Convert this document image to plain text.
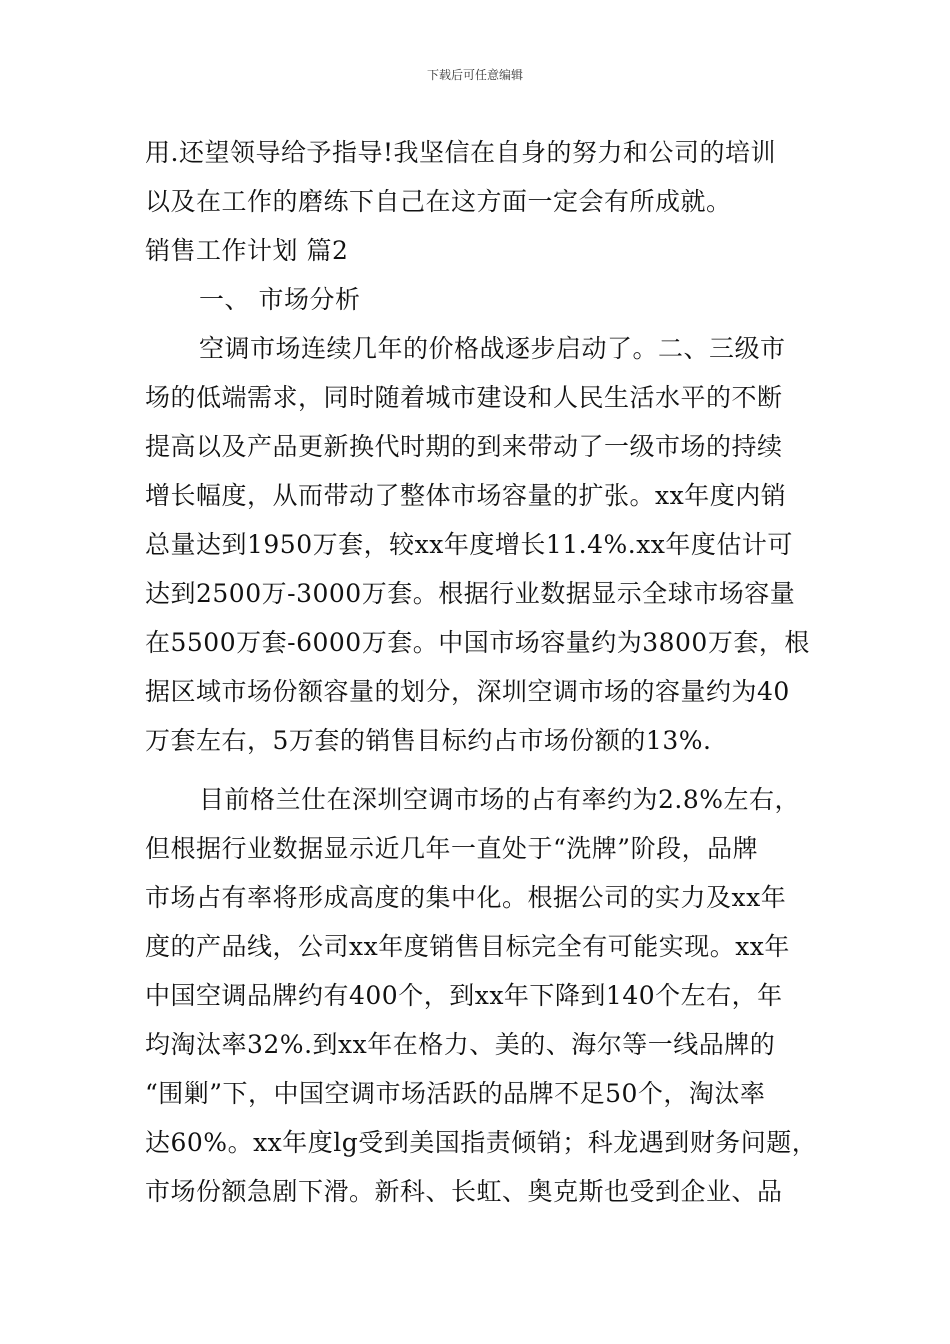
下载后可任意编辑
用.还望领导给予指导!我坚信在自身的努力和公司的培训
以及在工作的磨练下自己在这方面一定会有所成就。
销售工作计划 篇2
一、 市场分析
空调市场连续几年的价格战逐步启动了。二、三级市
场的低端需求，同时随着城市建设和人民生活水平的不断
提高以及产品更新换代时期的到来带动了一级市场的持续
增长幅度，从而带动了整体市场容量的扩张。xx年度内销
总量达到1950万套，较xx年度增长11.4%.xx年度估计可
达到2500万-3000万套。根据行业数据显示全球市场容量
在5500万套-6000万套。中国市场容量约为3800万套，根
据区域市场份额容量的划分，深圳空调市场的容量约为40
万套左右，5万套的销售目标约占市场份额的13%.
目前格兰仕在深圳空调市场的占有率约为2.8%左右，
但根据行业数据显示近几年一直处于“洗牌”阶段，品牌
市场占有率将形成高度的集中化。根据公司的实力及xx年
度的产品线，公司xx年度销售目标完全有可能实现。xx年
中国空调品牌约有400个，到xx年下降到140个左右，年
均淘汰率32%.到xx年在格力、美的、海尔等一线品牌的
“围剿”下，中国空调市场活跃的品牌不足50个，淘汰率
达60%。xx年度lg受到美国指责倾销；科龙遇到财务问题，
市场份额急剧下滑。新科、长虹、奥克斯也受到企业、品
